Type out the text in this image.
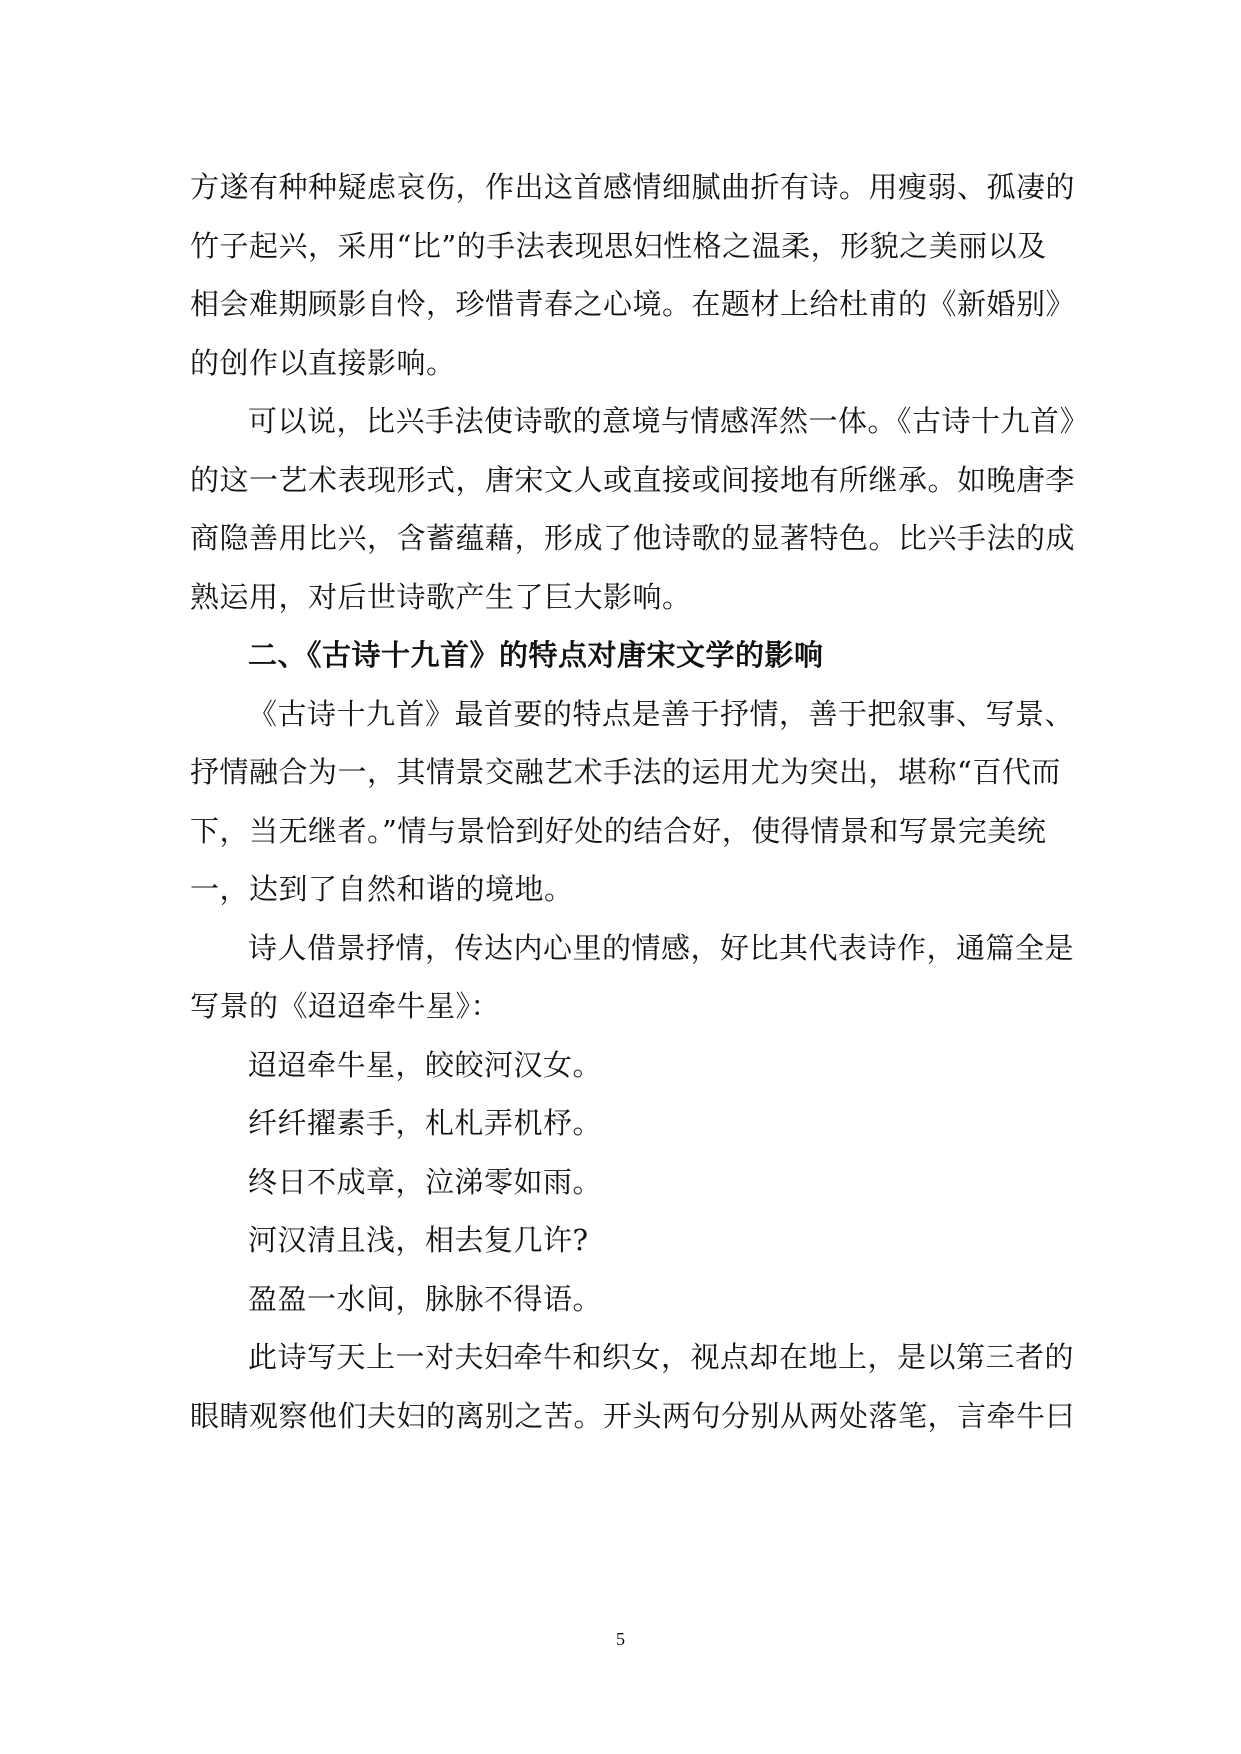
方遂有种种疑虑哀伤，作出这首感情细腻曲折有诗。用瘦弱、孤凄的
竹子起兴，采用“比”的手法表现思妇性格之温柔，形貌之美丽以及
相会难期顾影自怜，珍惜青春之心境。在题材上给杜甫的《新婚别》
的创作以直接影响。
可以说，比兴手法使诗歌的意境与情感浑然一体。《古诗十九首》
的这一艺术表现形式，唐宋文人或直接或间接地有所继承。如晚唐李
商隐善用比兴，含蓄蕴藉，形成了他诗歌的显著特色。比兴手法的成
熟运用，对后世诗歌产生了巨大影响。
二、《古诗十九首》的特点对唐宋文学的影响
《古诗十九首》最首要的特点是善于抒情，善于把叙事、写景、
抒情融合为一，其情景交融艺术手法的运用尤为突出，堪称“百代而
下，当无继者。”情与景恰到好处的结合好，使得情景和写景完美统
一，达到了自然和谐的境地。
诗人借景抒情，传达内心里的情感，好比其代表诗作，通篇全是
写景的《迢迢牵牛星》：
迢迢牵牛星，皎皎河汉女。
纤纤擢素手，札札弄机杼。
终日不成章，泣涕零如雨。
河汉清且浅，相去复几许?
盈盈一水间，脉脉不得语。
此诗写天上一对夫妇牵牛和织女，视点却在地上，是以第三者的
眼睛观察他们夫妇的离别之苦。开头两句分别从两处落笔，言牵牛曰
5
